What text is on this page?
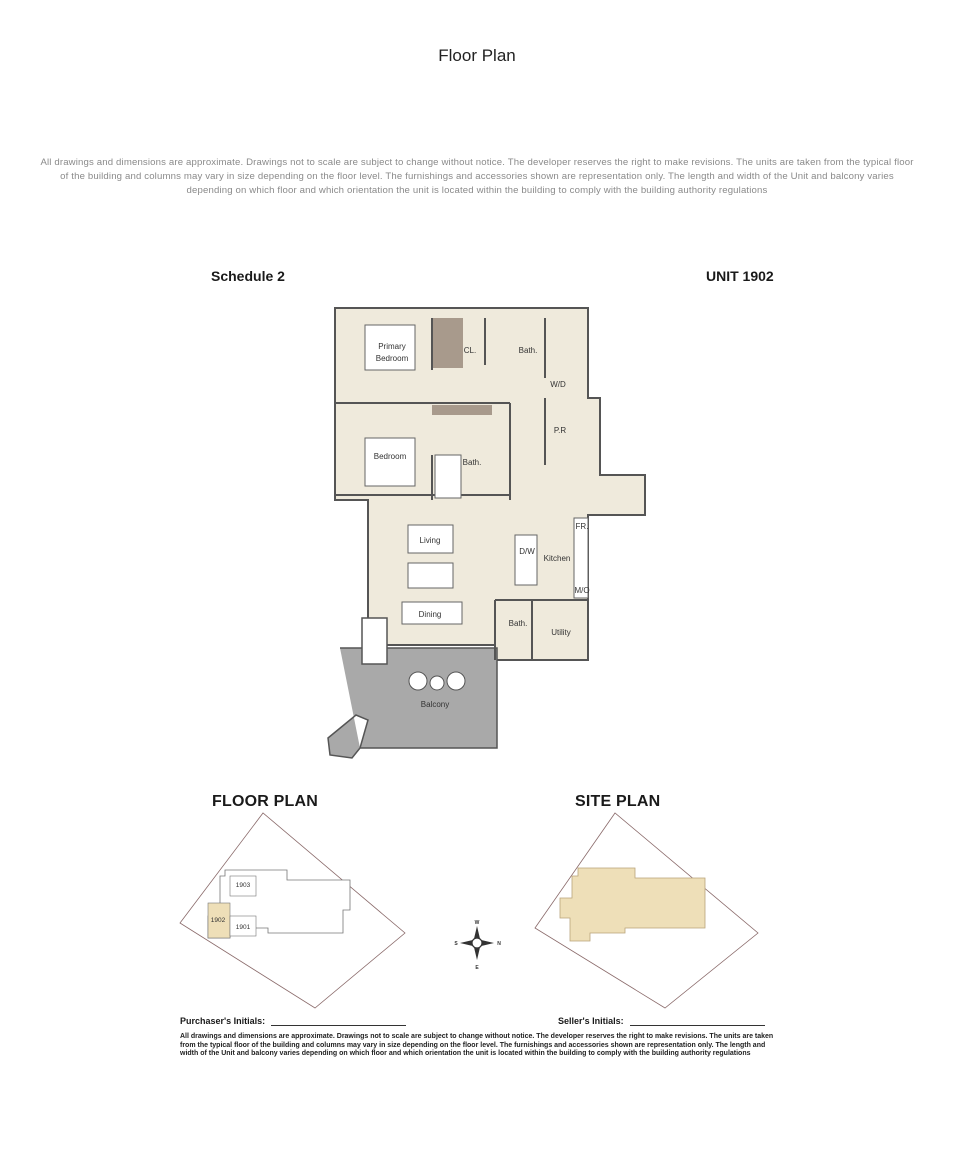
Floor Plan
All drawings and dimensions are approximate. Drawings not to scale are subject to change without notice. The developer reserves the right to make revisions. The units are taken from the typical floor of the building and columns may vary in size depending on the floor level. The furnishings and accessories shown are representation only. The length and width of the Unit and balcony varies depending on which floor and which orientation the unit is located within the building to comply with the building authority regulations
Schedule 2	UNIT 1902
Primary
Bedroom
CL.	Bath.
W/D
P.R
Bedroom
Bath.
Living
D/W
Kitchen
FR.
M/O
Dining
Bath.
Utility
Balcony
FLOOR PLAN	SITE PLAN
1903
1902
1901
W
E
S	N
Purchaser's Initials:	Seller's Initials:
All drawings and dimensions are approximate. Drawings not to scale are subject to change without notice. The developer reserves the right to make revisions. The units are taken from the typical floor of the building and columns may vary in size depending on the floor level. The furnishings and accessories shown are representation only. The length and width of the Unit and balcony varies depending on which floor and which orientation the unit is located within the building to comply with the building authority regulations
